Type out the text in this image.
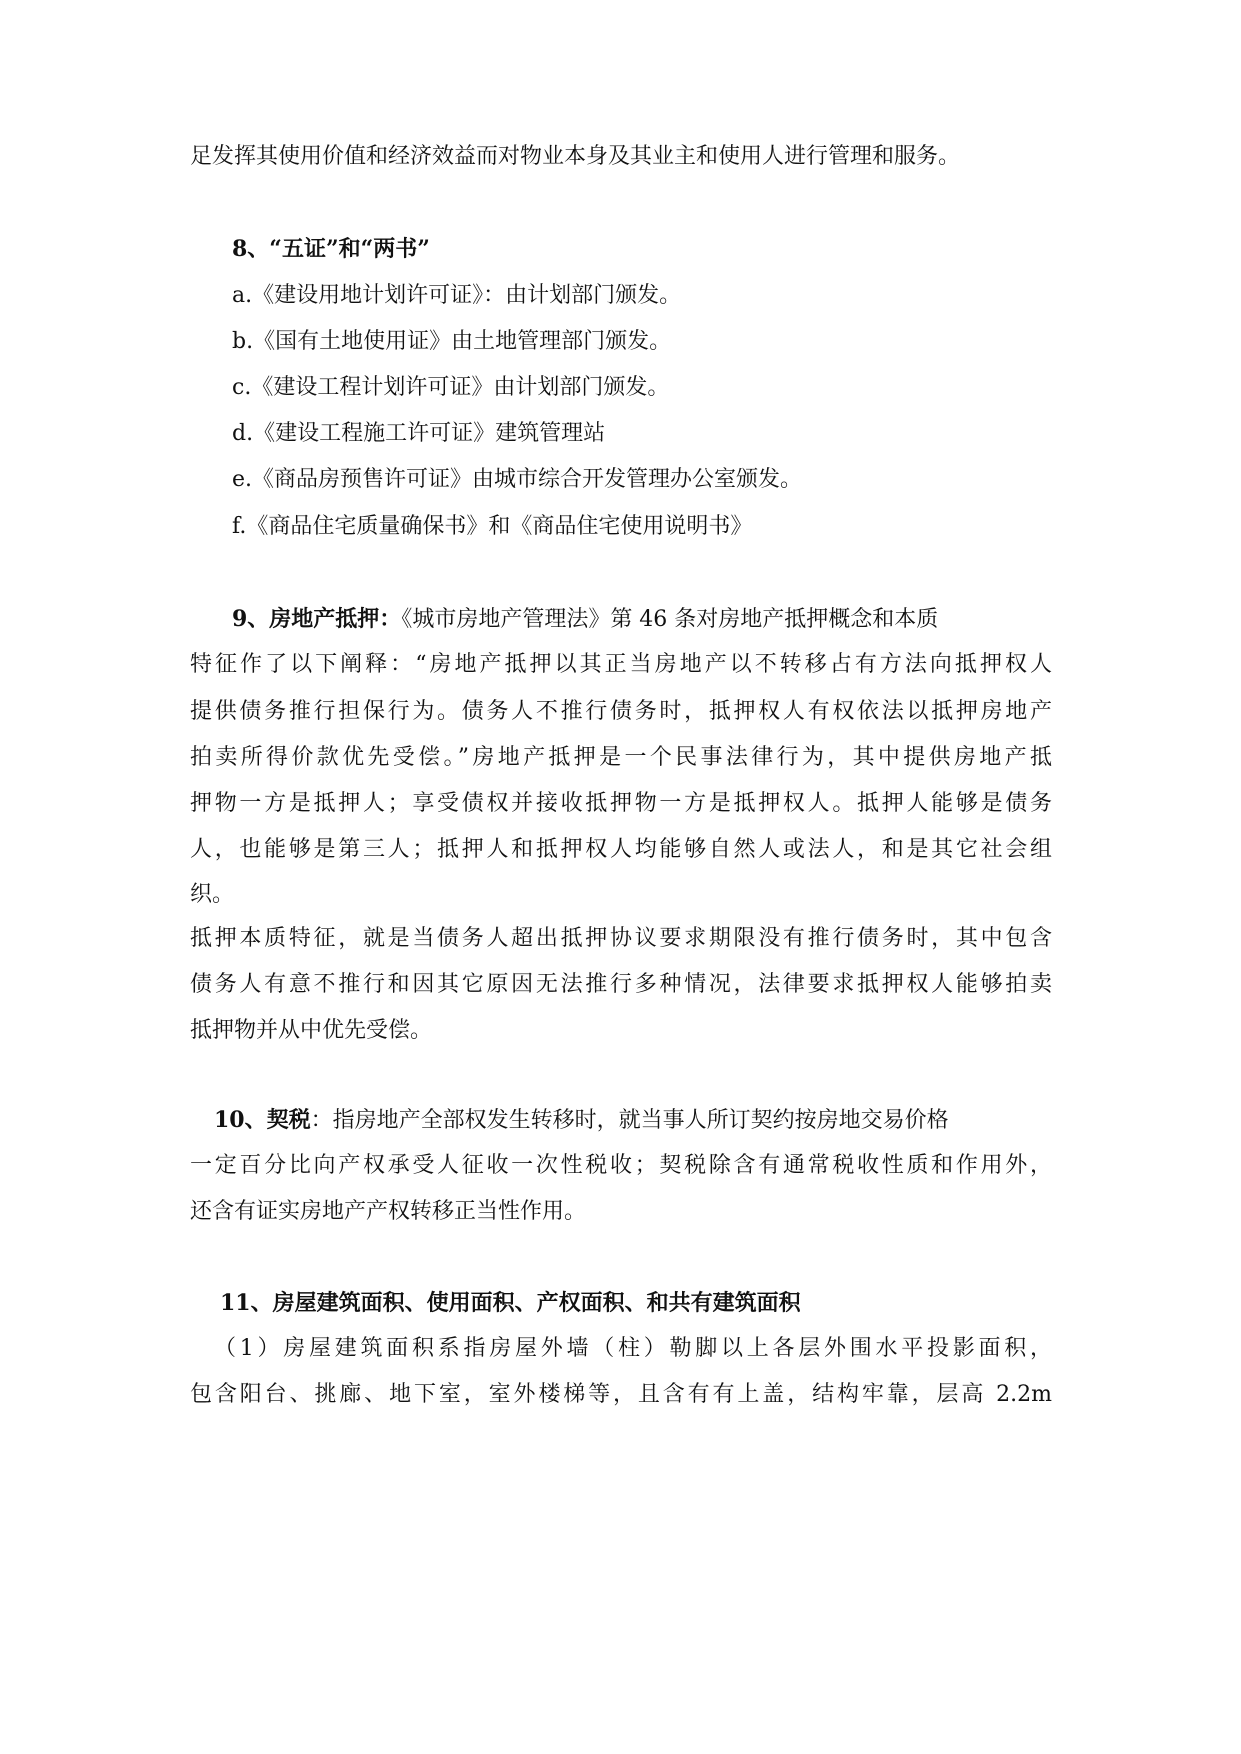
足发挥其使用价值和经济效益而对物业本身及其业主和使用人进行管理和服务。
8、“五证”和“两书”
a.《建设用地计划许可证》：由计划部门颁发。
b.《国有土地使用证》由土地管理部门颁发。
c.《建设工程计划许可证》由计划部门颁发。
d.《建设工程施工许可证》建筑管理站
e.《商品房预售许可证》由城市综合开发管理办公室颁发。
f.《商品住宅质量确保书》和《商品住宅使用说明书》
9、房地产抵押：《城市房地产管理法》第 46 条对房地产抵押概念和本质
特征作了以下阐释：“房地产抵押以其正当房地产以不转移占有方法向抵押权人
提供债务推行担保行为。债务人不推行债务时，抵押权人有权依法以抵押房地产
拍卖所得价款优先受偿。”房地产抵押是一个民事法律行为，其中提供房地产抵
押物一方是抵押人；享受债权并接收抵押物一方是抵押权人。抵押人能够是债务
人，也能够是第三人；抵押人和抵押权人均能够自然人或法人，和是其它社会组
织。
抵押本质特征，就是当债务人超出抵押协议要求期限没有推行债务时，其中包含
债务人有意不推行和因其它原因无法推行多种情况，法律要求抵押权人能够拍卖
抵押物并从中优先受偿。
10、契税：指房地产全部权发生转移时，就当事人所订契约按房地交易价格
一定百分比向产权承受人征收一次性税收；契税除含有通常税收性质和作用外，
还含有证实房地产产权转移正当性作用。
11、房屋建筑面积、使用面积、产权面积、和共有建筑面积
（1）房屋建筑面积系指房屋外墙（柱）勒脚以上各层外围水平投影面积，
包含阳台、挑廊、地下室，室外楼梯等，且含有有上盖，结构牢靠，层高 2.2m
